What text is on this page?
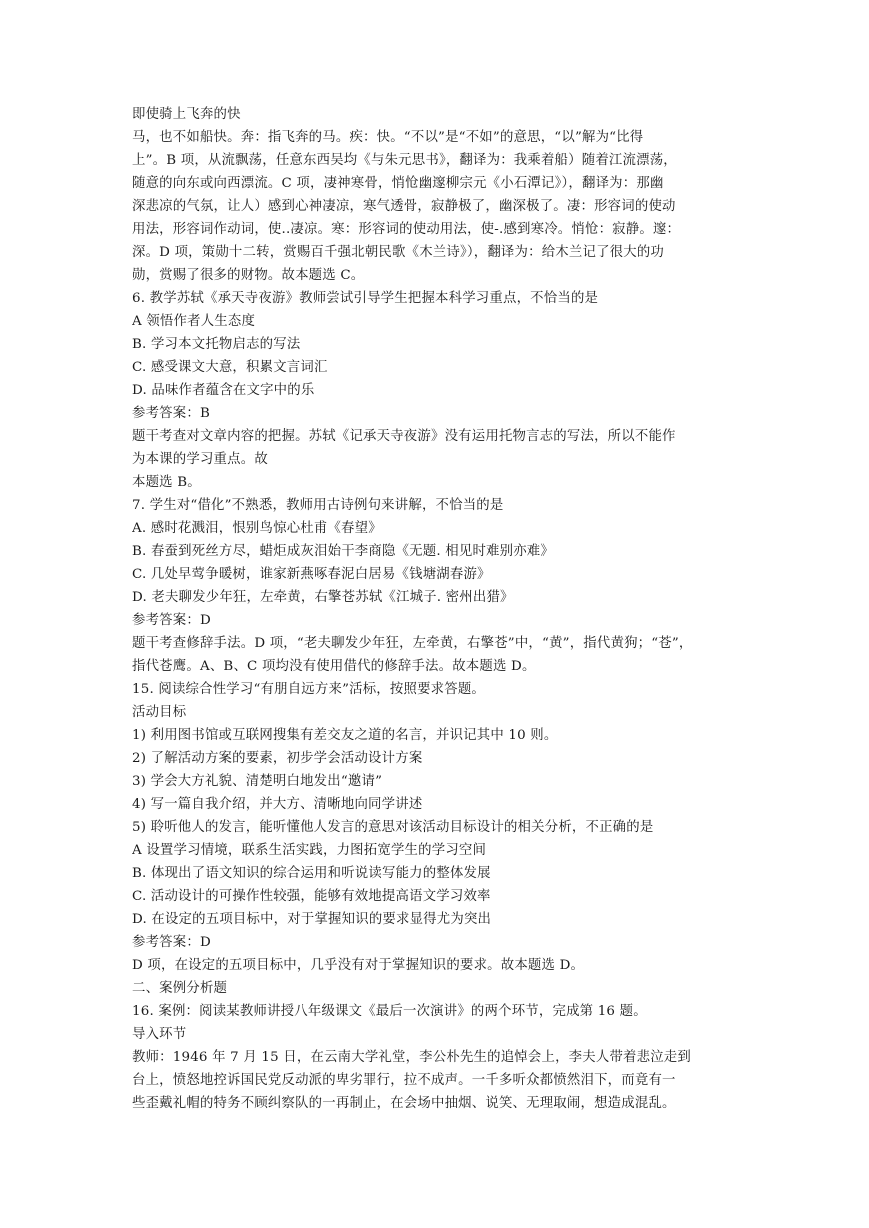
即使骑上飞奔的快
马，也不如船快。奔：指飞奔的马。疾：快。“不以”是“不如”的意思，“以”解为“比得
上”。B 项，从流飘荡，任意东西吴均《与朱元思书》，翻译为：我乘着船）随着江流漂荡，
随意的向东或向西漂流。C 项，凄神寒骨，悄怆幽邃柳宗元《小石潭记》），翻译为：那幽
深悲凉的气氛，让人）感到心神凄凉，寒气透骨，寂静极了，幽深极了。凄：形容词的使动
用法，形容词作动词，使..凄凉。寒：形容词的使动用法，使-.感到寒冷。悄怆：寂静。邃：
深。D 项，策勋十二转，赏赐百千强北朝民歌《木兰诗》），翻译为：给木兰记了很大的功
勋，赏赐了很多的财物。故本题选 C。
6. 教学苏轼《承天寺夜游》教师尝试引导学生把握本科学习重点，不恰当的是
A 领悟作者人生态度
B. 学习本文托物启志的写法
C. 感受课文大意，积累文言词汇
D. 品味作者蕴含在文字中的乐
参考答案：B
题干考查对文章内容的把握。苏轼《记承天寺夜游》没有运用托物言志的写法，所以不能作
为本课的学习重点。故
本题选 B。
7. 学生对“借化”不熟悉，教师用古诗例句来讲解，不恰当的是
A. 感时花溅泪，恨别鸟惊心杜甫《春望》
B. 春蚕到死丝方尽，蜡炬成灰泪始干李商隐《无题. 相见时难别亦难》
C. 几处早莺争暖树，谁家新燕啄春泥白居易《钱塘湖春游》
D. 老夫聊发少年狂，左牵黄，右擎苍苏轼《江城子. 密州出猎》
参考答案：D
题干考查修辞手法。D 项，“老夫聊发少年狂，左牵黄，右擎苍”中，“黄”，指代黄狗；“苍”，
指代苍鹰。A、B、C 项均没有使用借代的修辞手法。故本题选 D。
15. 阅读综合性学习“有朋自远方来”活标，按照要求答题。
活动目标
1) 利用图书馆或互联网搜集有差交友之道的名言，并识记其中 10 则。
2) 了解活动方案的要素，初步学会活动设计方案
3) 学会大方礼貌、清楚明白地发出“邀请”
4) 写一篇自我介绍，并大方、清晰地向同学讲述
5) 聆听他人的发言，能听懂他人发言的意思对该活动目标设计的相关分析，不正确的是
A 设置学习情境，联系生活实践，力图拓宽学生的学习空间
B. 体现出了语文知识的综合运用和听说读写能力的整体发展
C. 活动设计的可操作性较强，能够有效地提高语文学习效率
D. 在设定的五项目标中，对于掌握知识的要求显得尤为突出
参考答案：D
D 项，在设定的五项目标中，几乎没有对于掌握知识的要求。故本题选 D。
二、案例分析题
16. 案例：阅读某教师讲授八年级课文《最后一次演讲》的两个环节，完成第 16 题。
导入环节
教师：1946 年 7 月 15 日，在云南大学礼堂，李公朴先生的追悼会上，李夫人带着悲泣走到
台上，愤怒地控诉国民党反动派的卑劣罪行，拉不成声。一千多听众都愤然泪下，而竟有一
些歪戴礼帽的特务不顾纠察队的一再制止，在会场中抽烟、说笑、无理取闹，想造成混乱。
